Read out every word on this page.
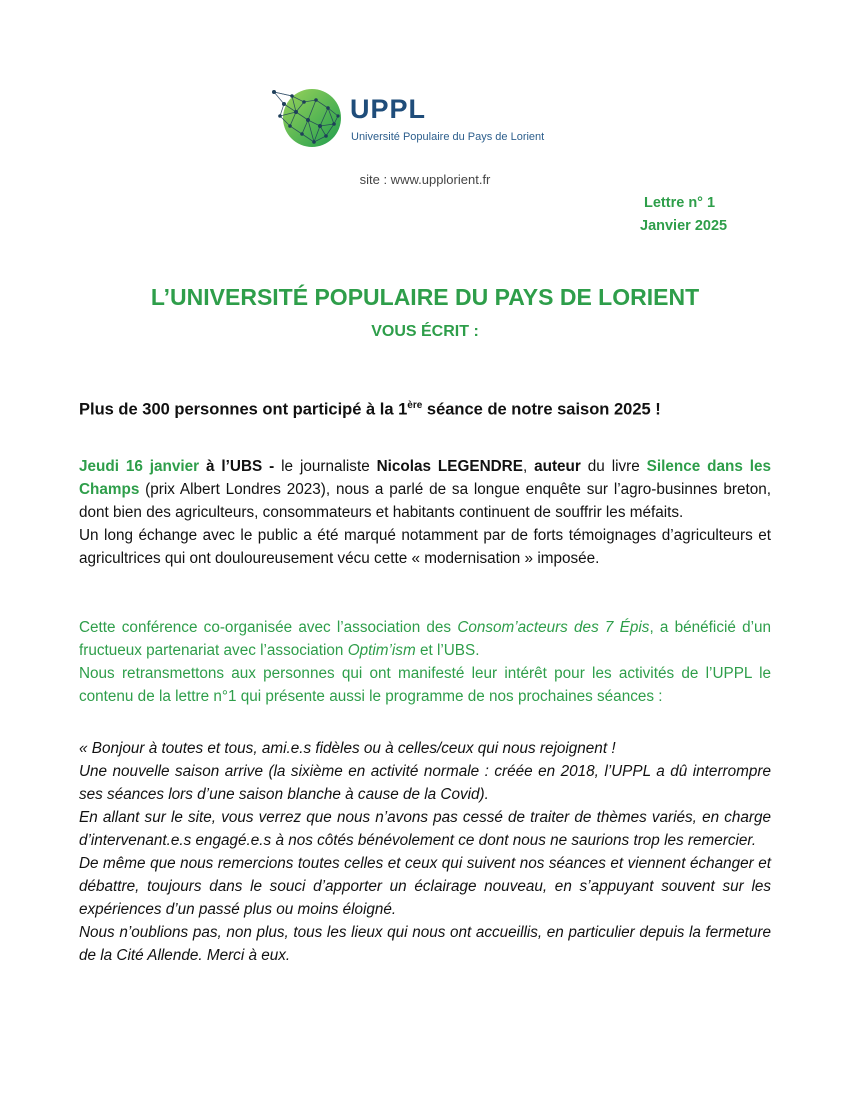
UPPL
Université Populaire du Pays de Lorient
site : www.upplorient.fr
Lettre n° 1
Janvier 2025
L’UNIVERSITÉ POPULAIRE DU PAYS DE LORIENT
VOUS ÉCRIT :
Plus de 300 personnes ont participé à la 1ère séance de notre saison 2025 !

Jeudi 16 janvier à l’UBS - le journaliste Nicolas LEGENDRE, auteur du livre Silence dans les Champs (prix Albert Londres 2023), nous a parlé de sa longue enquête sur l’agro-businnes breton, dont bien des agriculteurs, consommateurs et habitants continuent de souffrir les méfaits.

Un long échange avec le public a été marqué notamment par de forts témoignages d’agriculteurs et agricultrices qui ont douloureusement vécu cette « modernisation » imposée.

Cette conférence co-organisée avec l’association des Consom’acteurs des 7 Épis, a bénéficié d’un fructueux partenariat avec l’association Optim’ism et l’UBS.

Nous retransmettons aux personnes qui ont manifesté leur intérêt pour les activités de l’UPPL le contenu de la lettre n°1 qui présente aussi le programme de nos prochaines séances :

« Bonjour à toutes et tous, ami.e.s fidèles ou à celles/ceux qui nous rejoignent !

Une nouvelle saison arrive (la sixième en activité normale : créée en 2018, l’UPPL a dû interrompre ses séances lors d’une saison blanche à cause de la Covid).

En allant sur le site, vous verrez que nous n’avons pas cessé de traiter de thèmes variés, en charge d’intervenant.e.s engagé.e.s à nos côtés bénévolement ce dont nous ne saurions trop les remercier.

De même que nous remercions toutes celles et ceux qui suivent nos séances et viennent échanger et débattre, toujours dans le souci d’apporter un éclairage nouveau, en s’appuyant souvent sur les expériences d’un passé plus ou moins éloigné.

Nous n’oublions pas, non plus, tous les lieux qui nous ont accueillis, en particulier depuis la fermeture de la Cité Allende. Merci à eux.
